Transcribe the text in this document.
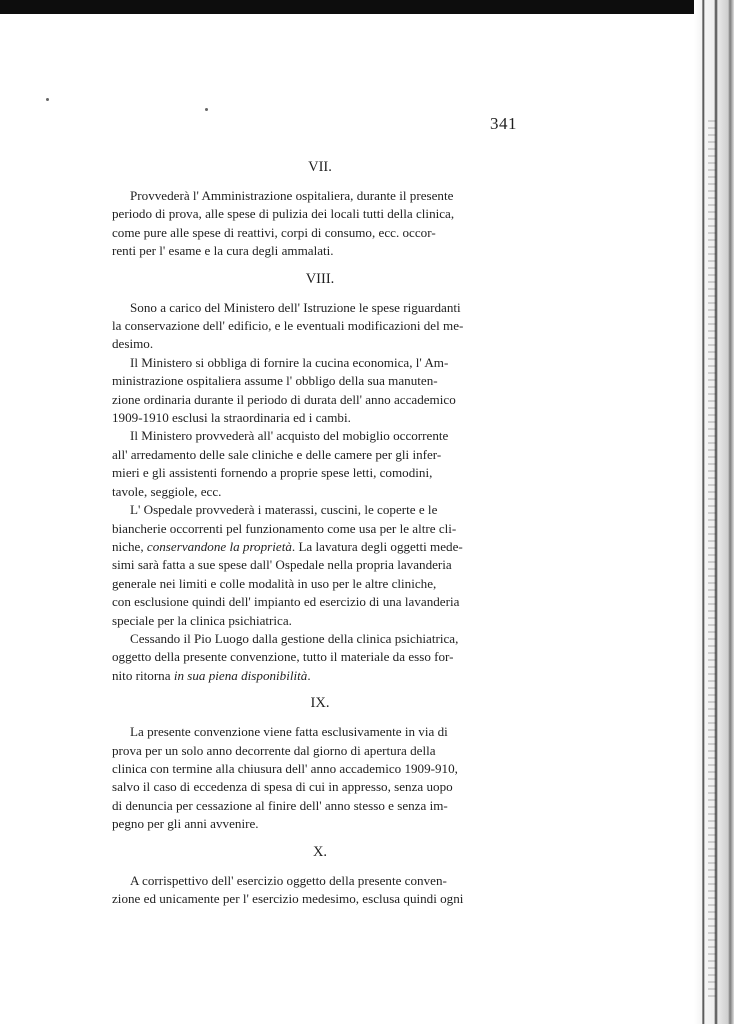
341
VII.

Provvederà l' Amministrazione ospitaliera, durante il presente
periodo di prova, alle spese di pulizia dei locali tutti della clinica,
come pure alle spese di reattivi, corpi di consumo, ecc. occor-
renti per l' esame e la cura degli ammalati.

VIII.

Sono a carico del Ministero dell' Istruzione le spese riguardanti
la conservazione dell' edificio, e le eventuali modificazioni del me-
desimo.

Il Ministero si obbliga di fornire la cucina economica, l' Am-
ministrazione ospitaliera assume l' obbligo della sua manuten-
zione ordinaria durante il periodo di durata dell' anno accademico
1909-1910 esclusi la straordinaria ed i cambi.

Il Ministero provvederà all' acquisto del mobiglio occorrente
all' arredamento delle sale cliniche e delle camere per gli infer-
mieri e gli assistenti fornendo a proprie spese letti, comodini,
tavole, seggiole, ecc.

L' Ospedale provvederà i materassi, cuscini, le coperte e le
biancherie occorrenti pel funzionamento come usa per le altre cli-
niche, conservandone la proprietà. La lavatura degli oggetti mede-
simi sarà fatta a sue spese dall' Ospedale nella propria lavanderia
generale nei limiti e colle modalità in uso per le altre cliniche,
con esclusione quindi dell' impianto ed esercizio di una lavanderia
speciale per la clinica psichiatrica.

Cessando il Pio Luogo dalla gestione della clinica psichiatrica,
oggetto della presente convenzione, tutto il materiale da esso for-
nito ritorna in sua piena disponibilità.

IX.

La presente convenzione viene fatta esclusivamente in via di
prova per un solo anno decorrente dal giorno di apertura della
clinica con termine alla chiusura dell' anno accademico 1909-910,
salvo il caso di eccedenza di spesa di cui in appresso, senza uopo
di denuncia per cessazione al finire dell' anno stesso e senza im-
pegno per gli anni avvenire.

X.

A corrispettivo dell' esercizio oggetto della presente conven-
zione ed unicamente per l' esercizio medesimo, esclusa quindi ogni
